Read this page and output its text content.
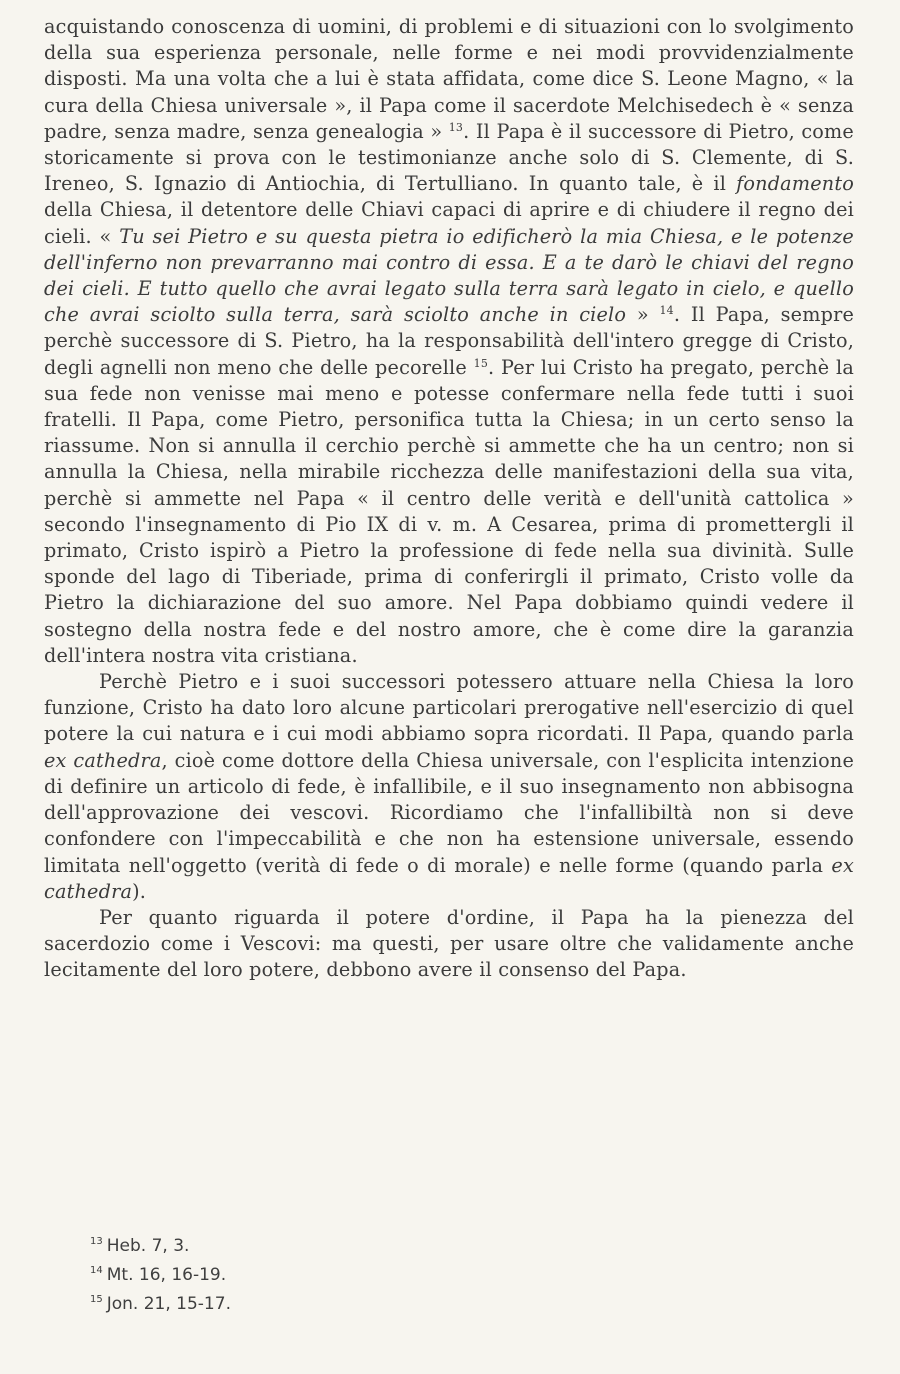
acquistando conoscenza di uomini, di problemi e di situazioni con lo svolgimento della sua esperienza personale, nelle forme e nei modi provvidenzialmente disposti. Ma una volta che a lui è stata affidata, come dice S. Leone Magno, « la cura della Chiesa universale », il Papa come il sacerdote Melchisedech è « senza padre, senza madre, senza genealogia » $^{13}$. Il Papa è il successore di Pietro, come storicamente si prova con le testimonianze anche solo di S. Clemente, di S. Ireneo, S. Ignazio di Antiochia, di Tertulliano. In quanto tale, è il fondamento della Chiesa, il detentore delle Chiavi capaci di aprire e di chiudere il regno dei cieli. « Tu sei Pietro e su questa pietra io edificherò la mia Chiesa, e le potenze dell'inferno non prevarranno mai contro di essa. E a te darò le chiavi del regno dei cieli. E tutto quello che avrai legato sulla terra sarà legato in cielo, e quello che avrai sciolto sulla terra, sarà sciolto anche in cielo » $^{14}$. Il Papa, sempre perchè successore di S. Pietro, ha la responsabilità dell'intero gregge di Cristo, degli agnelli non meno che delle pecorelle $^{15}$. Per lui Cristo ha pregato, perchè la sua fede non venisse mai meno e potesse confermare nella fede tutti i suoi fratelli. Il Papa, come Pietro, personifica tutta la Chiesa; in un certo senso la riassume. Non si annulla il cerchio perchè si ammette che ha un centro; non si annulla la Chiesa, nella mirabile ricchezza delle manifestazioni della sua vita, perchè si ammette nel Papa « il centro delle verità e dell'unità cattolica » secondo l'insegnamento di Pio IX di v. m. A Cesarea, prima di promettergli il primato, Cristo ispirò a Pietro la professione di fede nella sua divinità. Sulle sponde del lago di Tiberiade, prima di conferirgli il primato, Cristo volle da Pietro la dichiarazione del suo amore. Nel Papa dobbiamo quindi vedere il sostegno della nostra fede e del nostro amore, che è come dire la garanzia dell'intera nostra vita cristiana.

Perchè Pietro e i suoi successori potessero attuare nella Chiesa la loro funzione, Cristo ha dato loro alcune particolari prerogative nell'esercizio di quel potere la cui natura e i cui modi abbiamo sopra ricordati. Il Papa, quando parla ex cathedra, cioè come dottore della Chiesa universale, con l'esplicita intenzione di definire un articolo di fede, è infallibile, e il suo insegnamento non abbisogna dell'approvazione dei vescovi. Ricordiamo che l'infallibiltà non si deve confondere con l'impeccabilità e che non ha estensione universale, essendo limitata nell'oggetto (verità di fede o di morale) e nelle forme (quando parla ex cathedra).

Per quanto riguarda il potere d'ordine, il Papa ha la pienezza del sacerdozio come i Vescovi: ma questi, per usare oltre che validamente anche lecitamente del loro potere, debbono avere il consenso del Papa.

$^{13}$ Heb. 7, 3.
$^{14}$ Mt. 16, 16-19.
$^{15}$ Jon. 21, 15-17.
